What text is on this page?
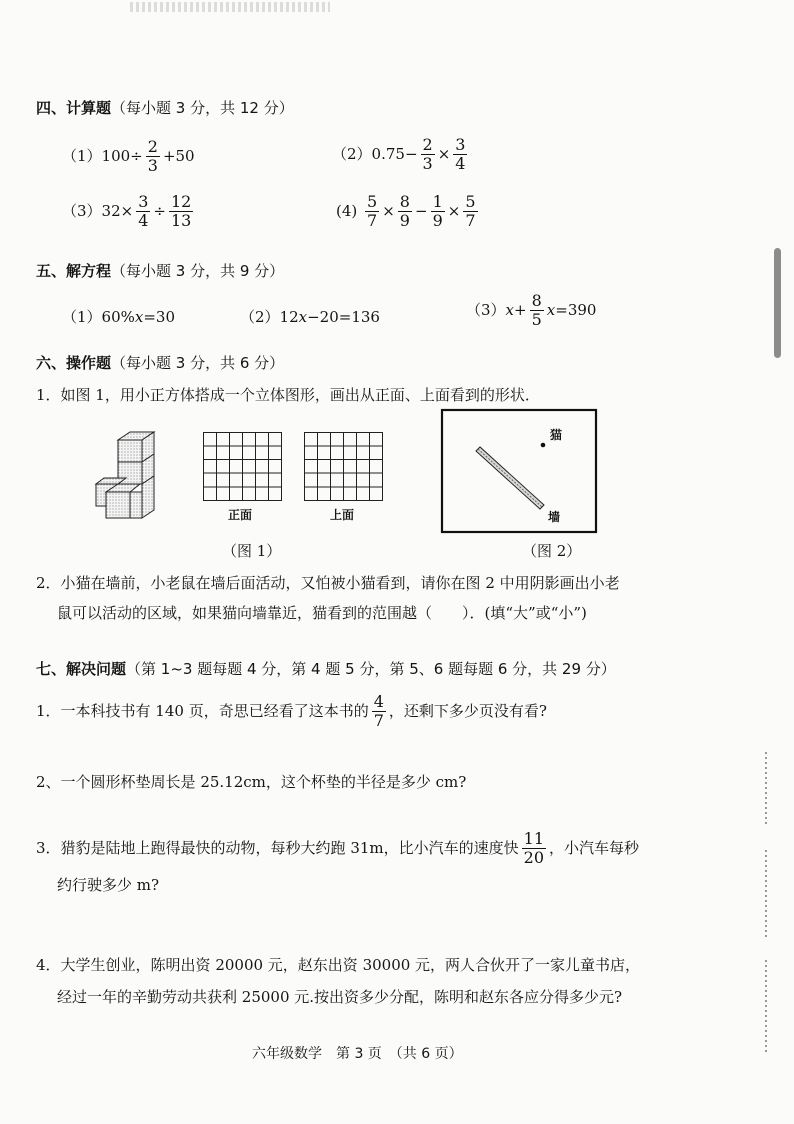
四、计算题（每小题 3 分，共 12 分）
$(1)100\div \frac{2}{3} +50$	$(2)0.75- \frac{2}{3} \times \frac{3}{4}$
$(3)32\times \frac{3}{4} \div \frac{12}{13}$	$(4) \frac{5}{7} \times \frac{8}{9} - \frac{1}{9} \times \frac{5}{7}$
五、解方程（每小题 3 分，共 9 分）
（1）60%x=30	（2）12x−20=136	$(3)x+ \frac{8}{5} x=390$
六、操作题（每小题 3 分，共 6 分）
1．如图 1，用小正方体搭成一个立体图形，画出从正面、上面看到的形状．
正面	上面
（图 1）
猫
墙
（图 2）
2．小猫在墙前，小老鼠在墙后面活动，又怕被小猫看到，请你在图 2 中用阴影画出小老
鼠可以活动的区域，如果猫向墙靠近，猫看到的范围越（　　）．(填“大”或“小”)
七、解决问题（第 1~3 题每题 4 分，第 4 题 5 分，第 5、6 题每题 6 分，共 29 分）
1．一本科技书有 140 页，奇思已经看了这本书的 $\frac{4}{7}$ ，还剩下多少页没有看?
2、一个圆形杯垫周长是 25.12cm，这个杯垫的半径是多少 cm?
3．猎豹是陆地上跑得最快的动物，每秒大约跑 31m，比小汽车的速度快 $\frac{11}{20}$ ，小汽车每秒
约行驶多少 m?
4．大学生创业，陈明出资 20000 元，赵东出资 30000 元，两人合伙开了一家儿童书店，
经过一年的辛勤劳动共获利 25000 元.按出资多少分配，陈明和赵东各应分得多少元?
六年级数学　第 3 页　（共 6 页）
